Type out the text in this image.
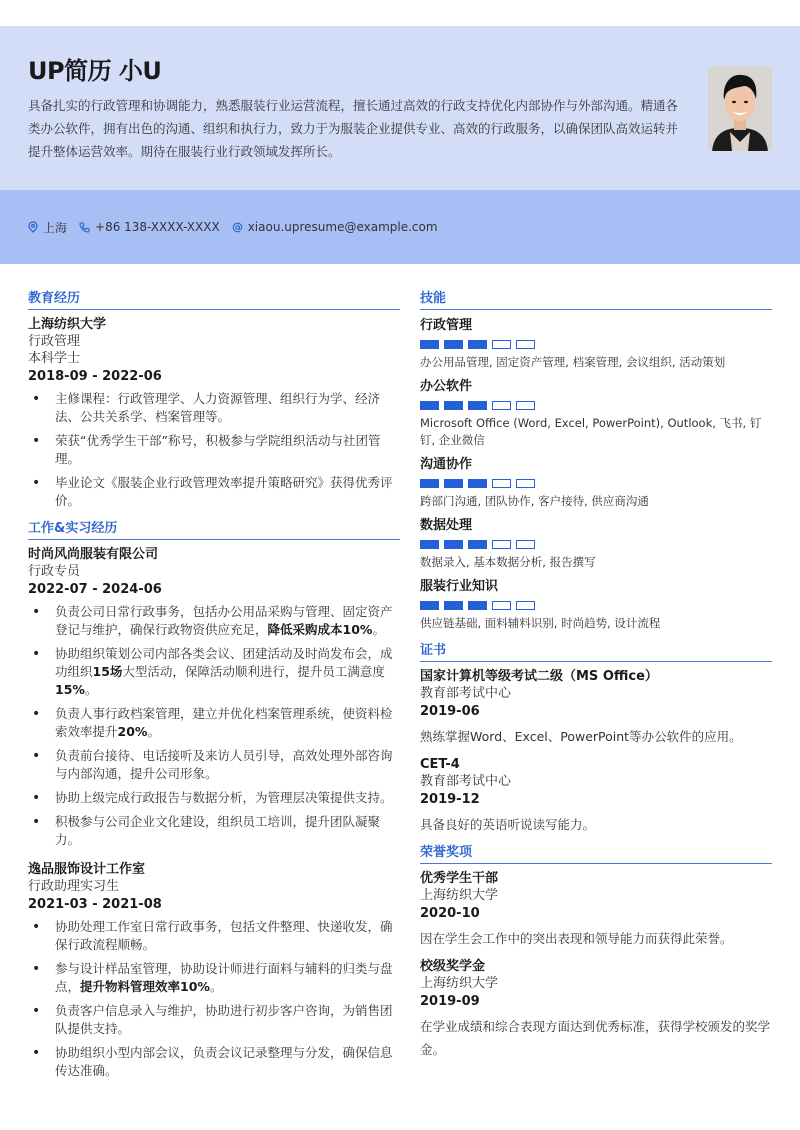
UP简历 小U
具备扎实的行政管理和协调能力，熟悉服装行业运营流程，擅长通过高效的行政支持优化内部协作与外部沟通。精通各类办公软件，拥有出色的沟通、组织和执行力，致力于为服装企业提供专业、高效的行政服务，以确保团队高效运转并提升整体运营效率。期待在服装行业行政领域发挥所长。
上海 +86 138-XXXX-XXXX xiaou.upresume@example.com
教育经历
上海纺织大学
行政管理
本科学士
2018-09 - 2022-06
• 主修课程：行政管理学、人力资源管理、组织行为学、经济法、公共关系学、档案管理等。
• 荣获“优秀学生干部”称号，积极参与学院组织活动与社团管理。
• 毕业论文《服装企业行政管理效率提升策略研究》获得优秀评价。
工作&实习经历
时尚风尚服装有限公司
行政专员
2022-07 - 2024-06
• 负责公司日常行政事务，包括办公用品采购与管理、固定资产登记与维护，确保行政物资供应充足，降低采购成本10%。
• 协助组织策划公司内部各类会议、团建活动及时尚发布会，成功组织15场大型活动，保障活动顺利进行，提升员工满意度15%。
• 负责人事行政档案管理，建立并优化档案管理系统，使资料检索效率提升20%。
• 负责前台接待、电话接听及来访人员引导，高效处理外部咨询与内部沟通，提升公司形象。
• 协助上级完成行政报告与数据分析，为管理层决策提供支持。
• 积极参与公司企业文化建设，组织员工培训，提升团队凝聚力。
逸品服饰设计工作室
行政助理实习生
2021-03 - 2021-08
• 协助处理工作室日常行政事务，包括文件整理、快递收发，确保行政流程顺畅。
• 参与设计样品室管理，协助设计师进行面料与辅料的归类与盘点，提升物料管理效率10%。
• 负责客户信息录入与维护，协助进行初步客户咨询，为销售团队提供支持。
• 协助组织小型内部会议，负责会议记录整理与分发，确保信息传达准确。
技能
行政管理
办公用品管理, 固定资产管理, 档案管理, 会议组织, 活动策划
办公软件
Microsoft Office (Word, Excel, PowerPoint), Outlook, 飞书, 钉钉, 企业微信
沟通协作
跨部门沟通, 团队协作, 客户接待, 供应商沟通
数据处理
数据录入, 基本数据分析, 报告撰写
服装行业知识
供应链基础, 面料辅料识别, 时尚趋势, 设计流程
证书
国家计算机等级考试二级（MS Office）
教育部考试中心
2019-06
熟练掌握Word、Excel、PowerPoint等办公软件的应用。
CET-4
教育部考试中心
2019-12
具备良好的英语听说读写能力。
荣誉奖项
优秀学生干部
上海纺织大学
2020-10
因在学生会工作中的突出表现和领导能力而获得此荣誉。
校级奖学金
上海纺织大学
2019-09
在学业成绩和综合表现方面达到优秀标准，获得学校颁发的奖学金。
